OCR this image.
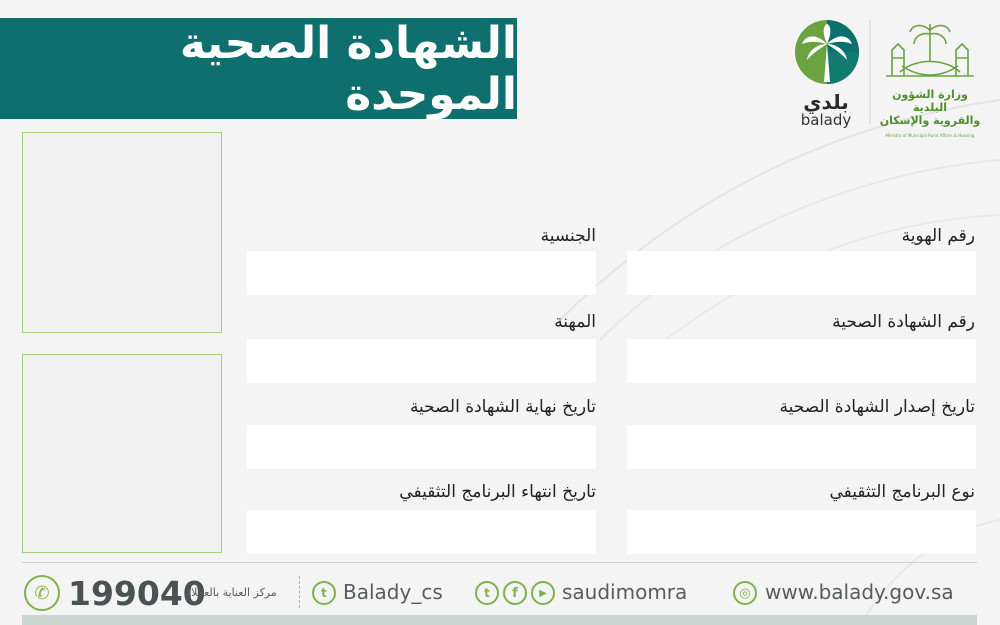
الشهادة الصحية الموحدة	بلدي
balady
وزارة الشؤون البلدية
والقروية والإسكان
Ministry of Municipal Rural Affairs & Housing
رقم الهوية
الجنسية
رقم الشهادة الصحية
المهنة
تاريخ إصدار الشهادة الصحية
تاريخ نهاية الشهادة الصحية
نوع البرنامج التثقيفي
تاريخ انتهاء البرنامج التثقيفي
✆ 199040
مركز العناية بالعملاء	t Balady_cs	t	f	▶ saudimomra	◎ www.balady.gov.sa
